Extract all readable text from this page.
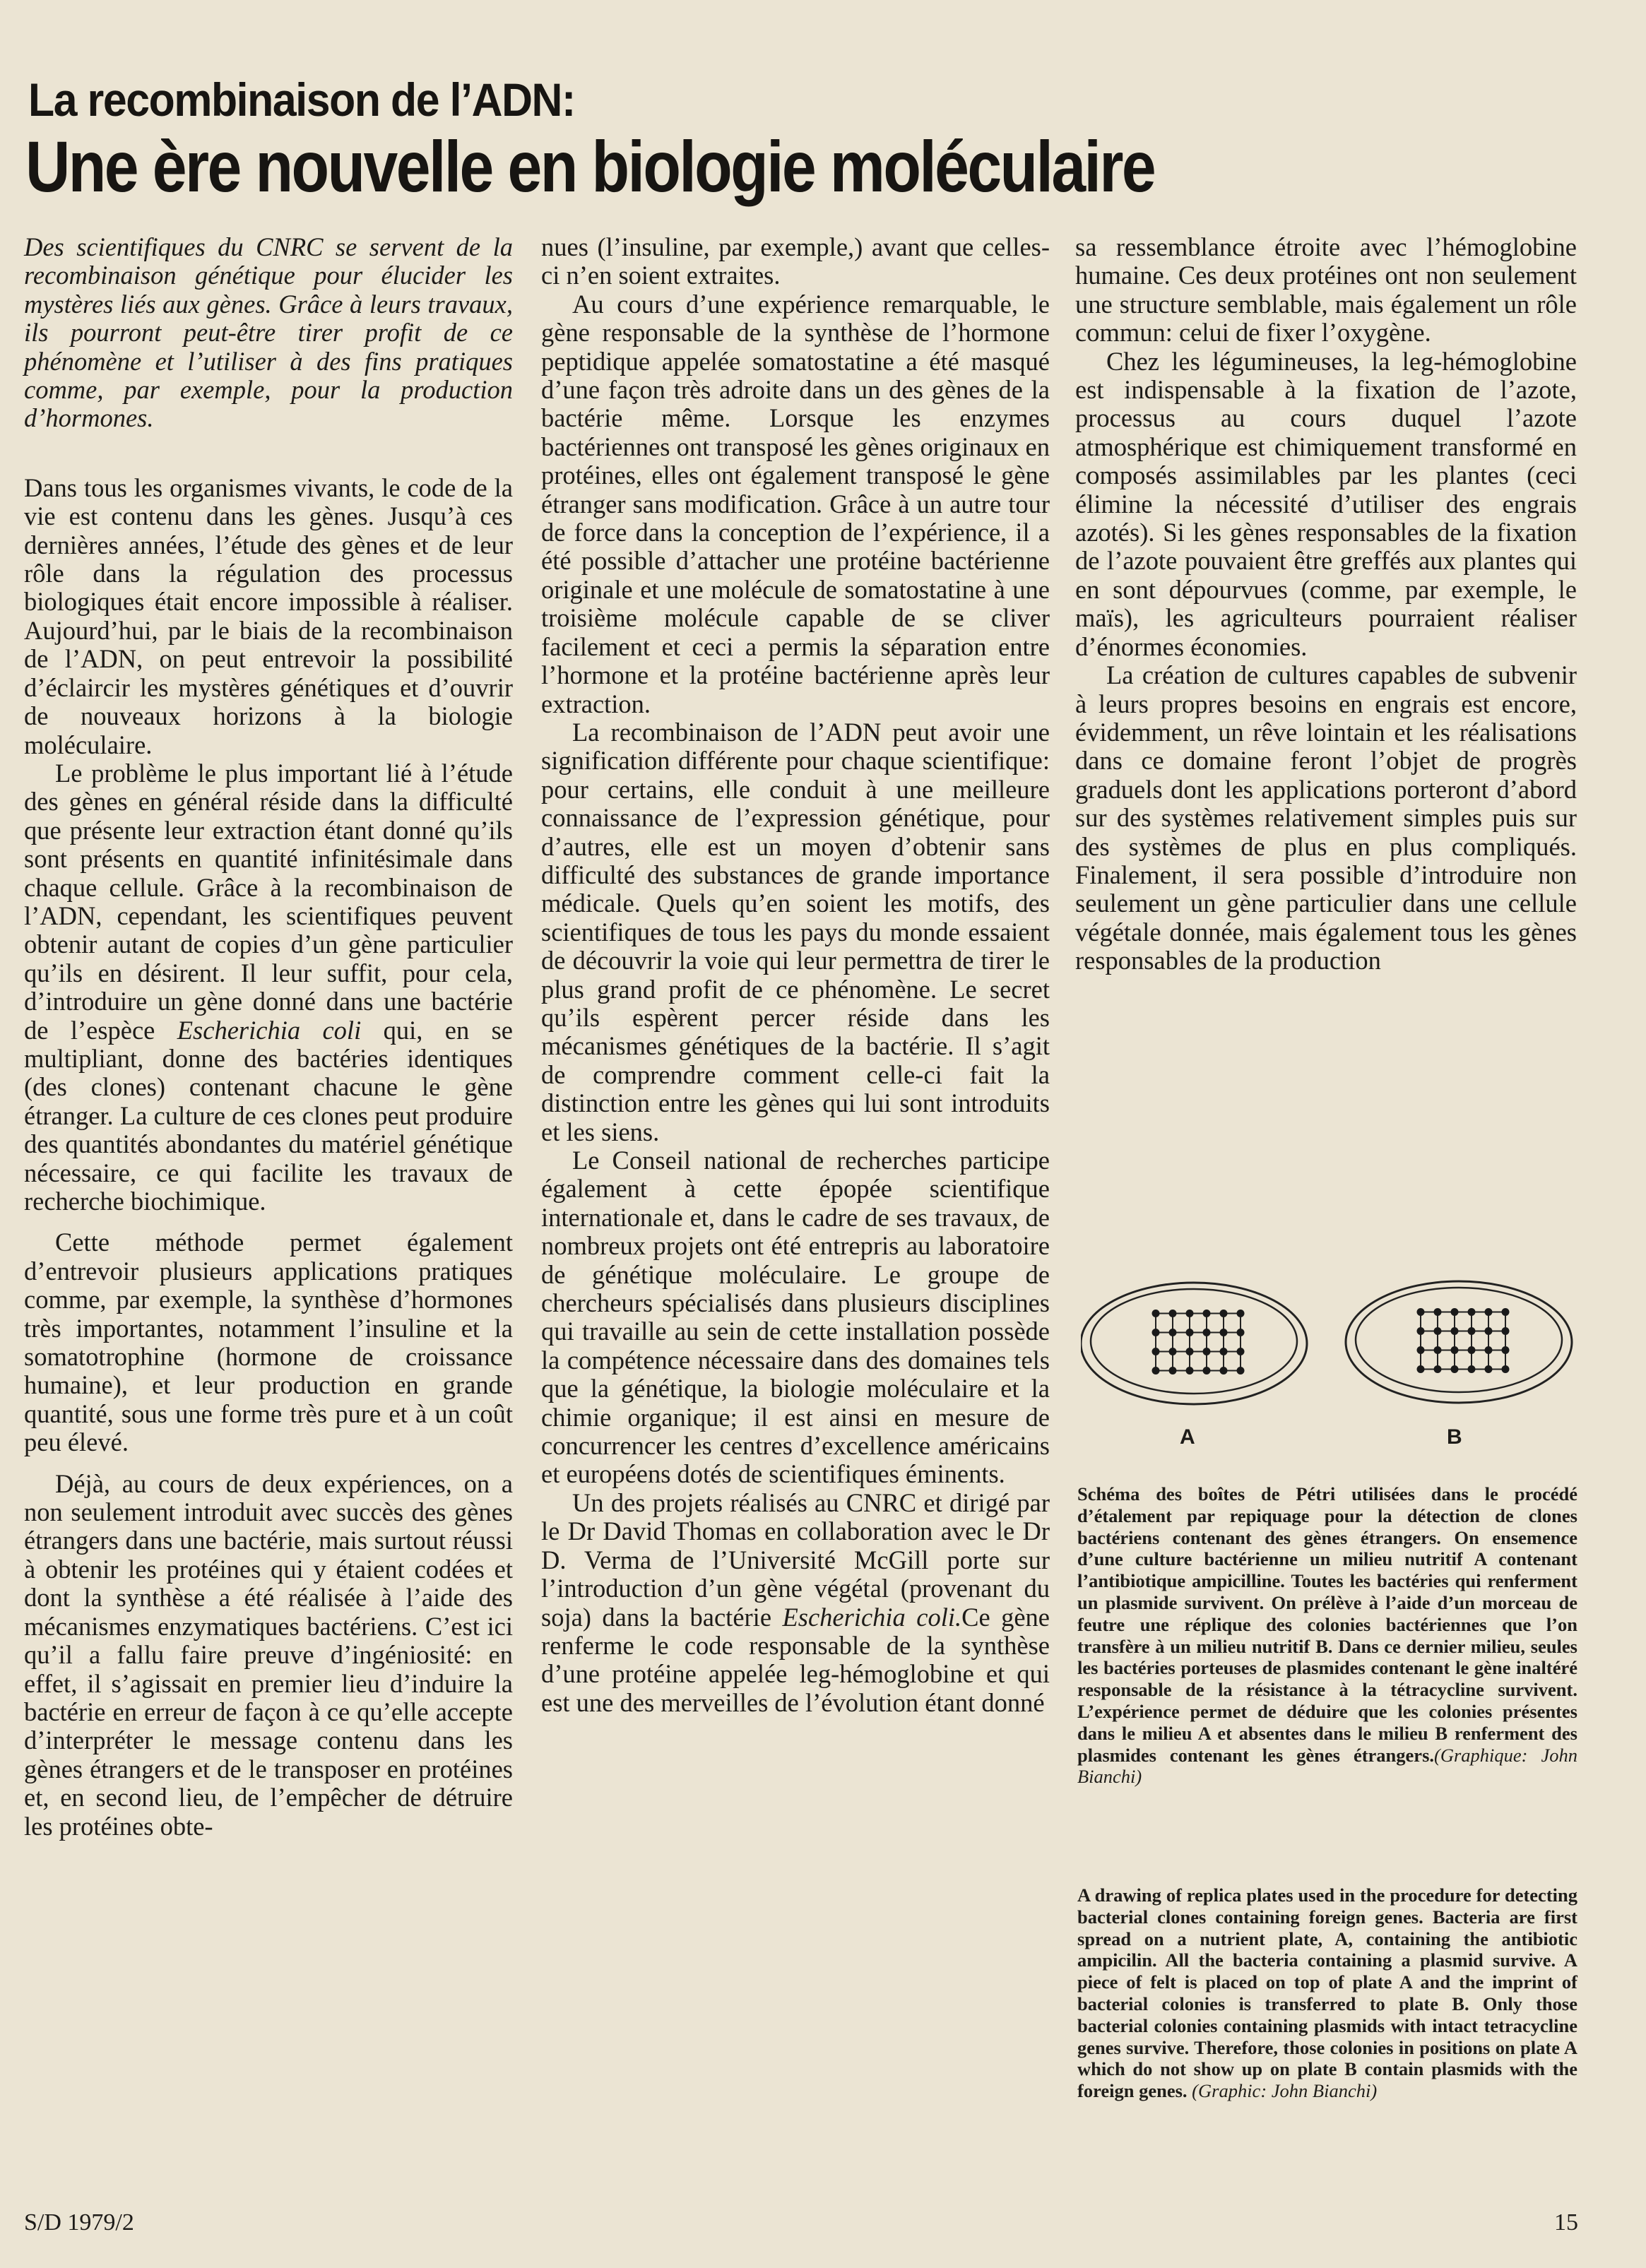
La recombinaison de l’ADN:
Une ère nouvelle en biologie moléculaire

Des scientifiques du CNRC se servent de la recombinaison génétique pour élucider les mystères liés aux gènes. Grâce à leurs travaux, ils pourront peut-être tirer profit de ce phénomène et l’utiliser à des fins pratiques comme, par exemple, pour la production d’hormones.

Dans tous les organismes vivants, le code de la vie est contenu dans les gènes. Jusqu’à ces dernières années, l’étude des gènes et de leur rôle dans la régulation des processus biologiques était encore impossible à réaliser. Aujourd’hui, par le biais de la recombinaison de l’ADN, on peut entrevoir la possibilité d’éclaircir les mystères génétiques et d’ouvrir de nouveaux horizons à la biologie moléculaire.

Le problème le plus important lié à l’étude des gènes en général réside dans la difficulté que présente leur extraction étant donné qu’ils sont présents en quantité infinitésimale dans chaque cellule. Grâce à la recombinaison de l’ADN, cependant, les scientifiques peuvent obtenir autant de copies d’un gène particulier qu’ils en désirent. Il leur suffit, pour cela, d’introduire un gène donné dans une bactérie de l’espèce Escherichia coli qui, en se multipliant, donne des bactéries identiques (des clones) contenant chacune le gène étranger. La culture de ces clones peut produire des quantités abondantes du matériel génétique nécessaire, ce qui facilite les travaux de recherche biochimique.

Cette méthode permet également d’entrevoir plusieurs applications pratiques comme, par exemple, la synthèse d’hormones très importantes, notamment l’insuline et la somatotrophine (hormone de croissance humaine), et leur production en grande quantité, sous une forme très pure et à un coût peu élevé.

Déjà, au cours de deux expériences, on a non seulement introduit avec succès des gènes étrangers dans une bactérie, mais surtout réussi à obtenir les protéines qui y étaient codées et dont la synthèse a été réalisée à l’aide des mécanismes enzymatiques bactériens. C’est ici qu’il a fallu faire preuve d’ingéniosité: en effet, il s’agissait en premier lieu d’induire la bactérie en erreur de façon à ce qu’elle accepte d’interpréter le message contenu dans les gènes étrangers et de le transposer en protéines et, en second lieu, de l’empêcher de détruire les protéines obte-

nues (l’insuline, par exemple,) avant que celles-ci n’en soient extraites.

Au cours d’une expérience remarquable, le gène responsable de la synthèse de l’hormone peptidique appelée somatostatine a été masqué d’une façon très adroite dans un des gènes de la bactérie même. Lorsque les enzymes bactériennes ont transposé les gènes originaux en protéines, elles ont également transposé le gène étranger sans modification. Grâce à un autre tour de force dans la conception de l’expérience, il a été possible d’attacher une protéine bactérienne originale et une molécule de somatostatine à une troisième molécule capable de se cliver facilement et ceci a permis la séparation entre l’hormone et la protéine bactérienne après leur extraction.

La recombinaison de l’ADN peut avoir une signification différente pour chaque scientifique: pour certains, elle conduit à une meilleure connaissance de l’expression génétique, pour d’autres, elle est un moyen d’obtenir sans difficulté des substances de grande importance médicale. Quels qu’en soient les motifs, des scientifiques de tous les pays du monde essaient de découvrir la voie qui leur permettra de tirer le plus grand profit de ce phénomène. Le secret qu’ils espèrent percer réside dans les mécanismes génétiques de la bactérie. Il s’agit de comprendre comment celle-ci fait la distinction entre les gènes qui lui sont introduits et les siens.

Le Conseil national de recherches participe également à cette épopée scientifique internationale et, dans le cadre de ses travaux, de nombreux projets ont été entrepris au laboratoire de génétique moléculaire. Le groupe de chercheurs spécialisés dans plusieurs disciplines qui travaille au sein de cette installation possède la compétence nécessaire dans des domaines tels que la génétique, la biologie moléculaire et la chimie organique; il est ainsi en mesure de concurrencer les centres d’excellence américains et européens dotés de scientifiques éminents.

Un des projets réalisés au CNRC et dirigé par le Dr David Thomas en collaboration avec le Dr D. Verma de l’Université McGill porte sur l’introduction d’un gène végétal (provenant du soja) dans la bactérie Escherichia coli.Ce gène renferme le code responsable de la synthèse d’une protéine appelée leg-hémoglobine et qui est une des merveilles de l’évolution étant donné

sa ressemblance étroite avec l’hémoglobine humaine. Ces deux protéines ont non seulement une structure semblable, mais également un rôle commun: celui de fixer l’oxygène.

Chez les légumineuses, la leg-hémoglobine est indispensable à la fixation de l’azote, processus au cours duquel l’azote atmosphérique est chimiquement transformé en composés assimilables par les plantes (ceci élimine la nécessité d’utiliser des engrais azotés). Si les gènes responsables de la fixation de l’azote pouvaient être greffés aux plantes qui en sont dépourvues (comme, par exemple, le maïs), les agriculteurs pourraient réaliser d’énormes économies.

La création de cultures capables de subvenir à leurs propres besoins en engrais est encore, évidemment, un rêve lointain et les réalisations dans ce domaine feront l’objet de progrès graduels dont les applications porteront d’abord sur des systèmes relativement simples puis sur des systèmes de plus en plus compliqués. Finalement, il sera possible d’introduire non seulement un gène particulier dans une cellule végétale donnée, mais également tous les gènes responsables de la production

A	B
Schéma des boîtes de Pétri utilisées dans le procédé d’étalement par repiquage pour la détection de clones bactériens contenant des gènes étrangers. On ensemence d’une culture bactérienne un milieu nutritif A contenant l’antibiotique ampicilline. Toutes les bactéries qui renferment un plasmide survivent. On prélève à l’aide d’un morceau de feutre une réplique des colonies bactériennes que l’on transfère à un milieu nutritif B. Dans ce dernier milieu, seules les bactéries porteuses de plasmides contenant le gène inaltéré responsable de la résistance à la tétracycline survivent. L’expérience permet de déduire que les colonies présentes dans le milieu A et absentes dans le milieu B renferment des plasmides contenant les gènes étrangers.(Graphique: John Bianchi)
A drawing of replica plates used in the procedure for detecting bacterial clones containing foreign genes. Bacteria are first spread on a nutrient plate, A, containing the antibiotic ampicilin. All the bacteria containing a plasmid survive. A piece of felt is placed on top of plate A and the imprint of bacterial colonies is transferred to plate B. Only those bacterial colonies containing plasmids with intact tetracycline genes survive. Therefore, those colonies in positions on plate A which do not show up on plate B contain plasmids with the foreign genes. (Graphic: John Bianchi)
S/D 1979/2	15
